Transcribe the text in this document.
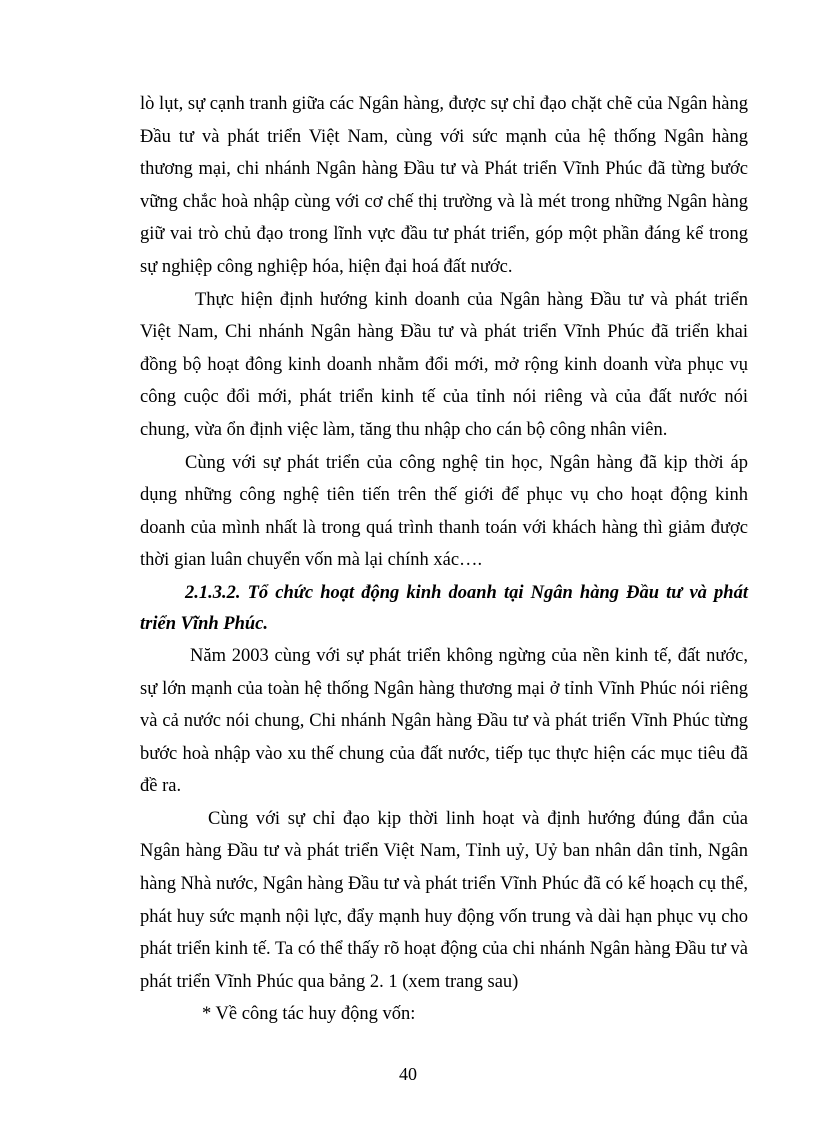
lò lụt, sự cạnh tranh giữa các Ngân hàng, được sự chỉ đạo chặt chẽ của Ngân hàng Đầu tư và phát triển Việt Nam, cùng với sức mạnh của hệ thống Ngân hàng thương mại, chi nhánh Ngân hàng Đầu tư và Phát triển Vĩnh Phúc đã từng bước vững chắc hoà nhập cùng với cơ chế thị trường và là mét trong những Ngân hàng giữ vai trò chủ đạo trong lĩnh vực đầu tư phát triển, góp một phần đáng kể trong sự nghiệp công nghiệp hóa, hiện đại hoá đất nước.

Thực hiện định hướng kinh doanh của Ngân hàng Đầu tư và phát triển Việt Nam, Chi nhánh Ngân hàng Đầu tư và phát triển Vĩnh Phúc đã triển khai đồng bộ hoạt đông kinh doanh nhằm đổi mới, mở rộng kinh doanh vừa phục vụ công cuộc đổi mới, phát triển kinh tế của tỉnh nói riêng và của đất nước nói chung, vừa ổn định việc làm, tăng thu nhập cho cán bộ công nhân viên.

Cùng với sự phát triển của công nghệ tin học, Ngân hàng đã kịp thời áp dụng những công nghệ tiên tiến trên thế giới để phục vụ cho hoạt động kinh doanh của mình nhất là trong quá trình thanh toán với khách hàng thì giảm được thời gian luân chuyển vốn mà lại chính xác….

2.1.3.2. Tổ chức hoạt động kinh doanh tại Ngân hàng Đầu tư và phát triển Vĩnh Phúc.

Năm 2003 cùng với sự phát triển không ngừng của nền kinh tế, đất nước, sự lớn mạnh của toàn hệ thống Ngân hàng thương mại ở tỉnh Vĩnh Phúc nói riêng và cả nước nói chung, Chi nhánh Ngân hàng Đầu tư và phát triển Vĩnh Phúc từng bước hoà nhập vào xu thế chung của đất nước, tiếp tục thực hiện các mục tiêu đã đề ra.

Cùng với sự chỉ đạo kịp thời linh hoạt và định hướng đúng đắn của Ngân hàng Đầu tư và phát triển Việt Nam, Tỉnh uỷ, Uỷ ban nhân dân tỉnh, Ngân hàng Nhà nước, Ngân hàng Đầu tư và phát triển Vĩnh Phúc đã có kế hoạch cụ thể, phát huy sức mạnh nội lực, đẩy mạnh huy động vốn trung và dài hạn phục vụ cho phát triển kinh tế. Ta có thể thấy rõ hoạt động của chi nhánh Ngân hàng Đầu tư và phát triển Vĩnh Phúc qua bảng 2. 1 (xem trang sau)

* Về công tác huy động vốn:

40
